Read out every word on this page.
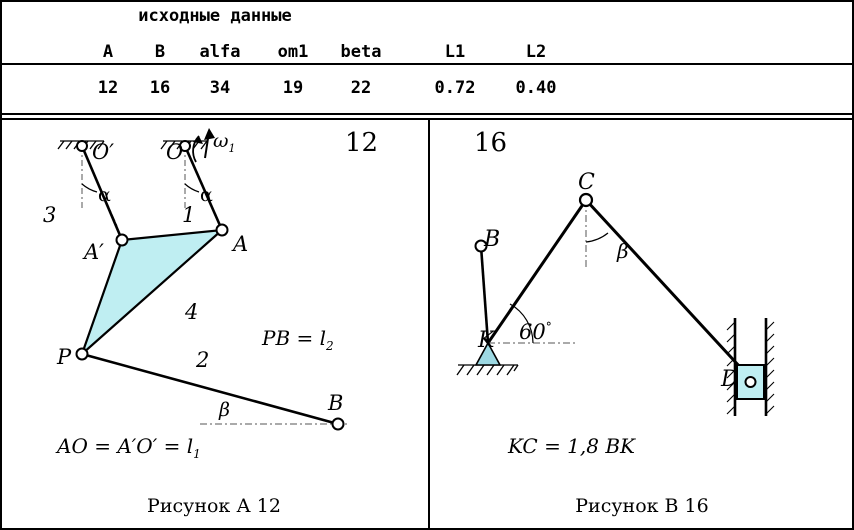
исходные данные
A	B	alfa	om1	beta	L1	L2
12	16	34	19	22	0.72	0.40
12
O′ O $\omega_1$
α	α
3	1
A′	A
4
2
P
B
β
PB = $l_2$
AO = $A'O' = l_1$
Рисунок А 12
16
C
B
K
D
β
60°
KC = 1,8 BK
Рисунок В 16
